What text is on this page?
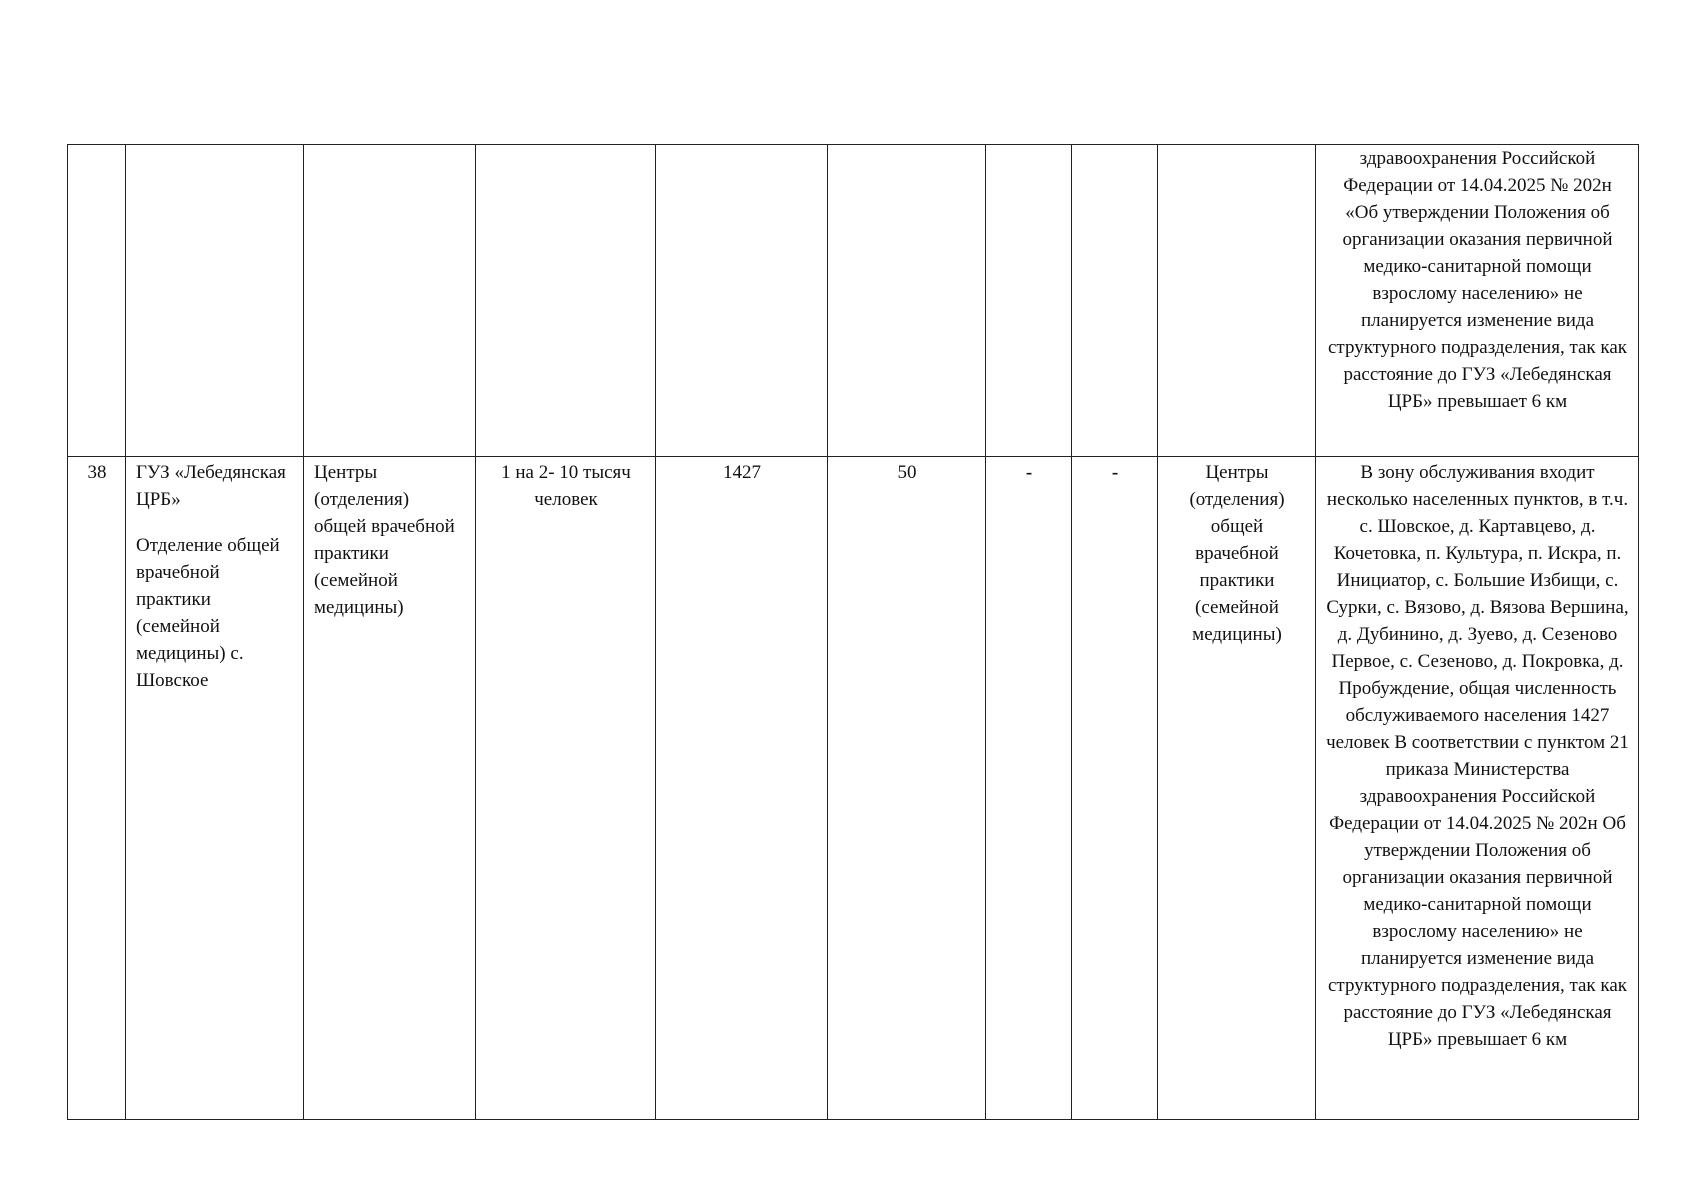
									здравоохранения Российской Федерации от 14.04.2025 № 202н «Об утверждении Положения об организации оказания первичной медико-санитарной помощи взрослому населению» не планируется изменение вида структурного подразделения, так как расстояние до ГУЗ «Лебедянская ЦРБ» превышает 6 км
38	ГУЗ «Лебедянская ЦРБ»
Отделение общей врачебной практики (семейной медицины) с. Шовское	Центры (отделения) общей врачебной практики (семейной медицины)	1 на 2- 10 тысяч человек	1427	50	-	-	Центры (отделения) общей врачебной практики (семейной медицины)	В зону обслуживания входит несколько населенных пунктов, в т.ч. с. Шовское, д. Картавцево, д. Кочетовка, п. Культура, п. Искра, п. Инициатор, с. Большие Избищи, с. Сурки, с. Вязово, д. Вязова Вершина, д. Дубинино, д. Зуево, д. Сезеново Первое, с. Сезеново, д. Покровка, д. Пробуждение, общая численность обслуживаемого населения 1427 человек В соответствии с пунктом 21 приказа Министерства здравоохранения Российской Федерации от 14.04.2025 № 202н Об утверждении Положения об организации оказания первичной медико-санитарной помощи взрослому населению» не планируется изменение вида структурного подразделения, так как расстояние до ГУЗ «Лебедянская ЦРБ» превышает 6 км
